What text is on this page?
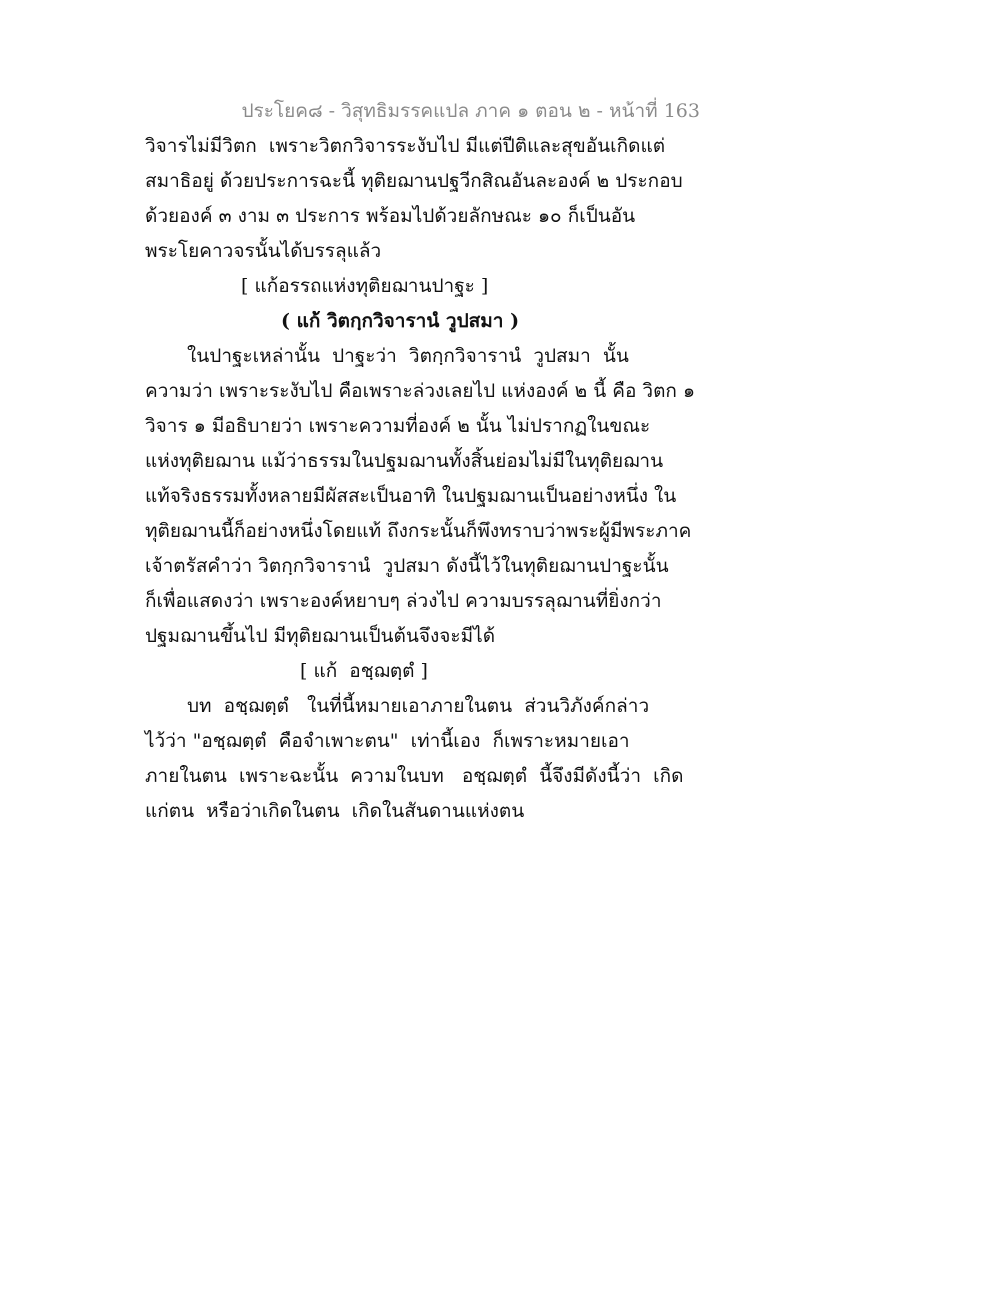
ประโยค๘ - วิสุทธิมรรคแปล ภาค ๑ ตอน ๒ - หน้าที่ 163
วิจารไม่มีวิตก  เพราะวิตกวิจารระงับไป มีแต่ปีติและสุขอันเกิดแต่
สมาธิอยู่ ด้วยประการฉะนี้ ทุติยฌานปฐวีกสิณอันละองค์ ๒ ประกอบ
ด้วยองค์ ๓ งาม ๓ ประการ พร้อมไปด้วยลักษณะ ๑๐ ก็เป็นอัน
พระโยคาวจรนั้นได้บรรลุแล้ว
[ แก้อรรถแห่งทุติยฌานปาฐะ ]
( แก้ วิตกฺกวิจารานํ วูปสมา )
ในปาฐะเหล่านั้น  ปาฐะว่า  วิตกฺกวิจารานํ  วูปสมา  นั้น
ความว่า เพราะระงับไป คือเพราะล่วงเลยไป แห่งองค์ ๒ นี้ คือ วิตก ๑
วิจาร ๑ มีอธิบายว่า เพราะความที่องค์ ๒ นั้น ไม่ปรากฏในขณะ
แห่งทุติยฌาน แม้ว่าธรรมในปฐมฌานทั้งสิ้นย่อมไม่มีในทุติยฌาน
แท้จริงธรรมทั้งหลายมีผัสสะเป็นอาทิ ในปฐมฌานเป็นอย่างหนึ่ง ใน
ทุติยฌานนี้ก็อย่างหนึ่งโดยแท้ ถึงกระนั้นก็พึงทราบว่าพระผู้มีพระภาค
เจ้าตรัสคำว่า วิตกฺกวิจารานํ  วูปสมา ดังนี้ไว้ในทุติยฌานปาฐะนั้น
ก็เพื่อแสดงว่า เพราะองค์หยาบๆ ล่วงไป ความบรรลุฌานที่ยิ่งกว่า
ปฐมฌานขึ้นไป มีทุติยฌานเป็นต้นจึงจะมีได้
[ แก้  อชฺฌตฺตํ ]
บท  อชฺฌตฺตํ   ในที่นี้หมายเอาภายในตน  ส่วนวิภังค์กล่าว
ไว้ว่า "อชฺฌตฺตํ  คือจำเพาะตน"  เท่านี้เอง  ก็เพราะหมายเอา
ภายในตน  เพราะฉะนั้น  ความในบท   อชฺฌตฺตํ  นี้จึงมีดังนี้ว่า  เกิด
แก่ตน  หรือว่าเกิดในตน  เกิดในสันดานแห่งตน
